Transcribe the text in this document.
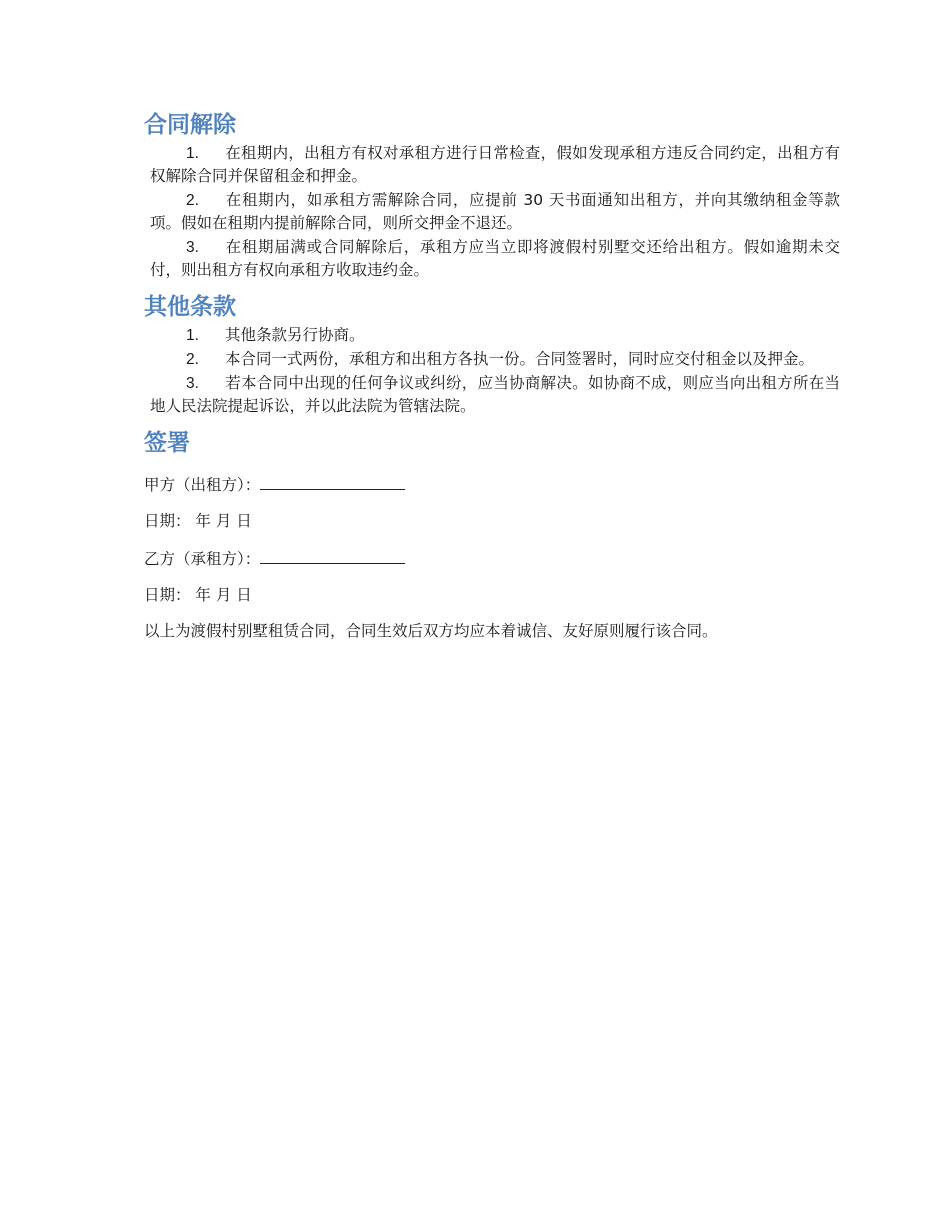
合同解除

1. 在租期内，出租方有权对承租方进行日常检查，假如发现承租方违反合同约定，出租方有权解除合同并保留租金和押金。

2. 在租期内，如承租方需解除合同，应提前 30 天书面通知出租方，并向其缴纳租金等款项。假如在租期内提前解除合同，则所交押金不退还。

3. 在租期届满或合同解除后，承租方应当立即将渡假村别墅交还给出租方。假如逾期未交付，则出租方有权向承租方收取违约金。

其他条款

1. 其他条款另行协商。

2. 本合同一式两份，承租方和出租方各执一份。合同签署时，同时应交付租金以及押金。

3. 若本合同中出现的任何争议或纠纷，应当协商解决。如协商不成，则应当向出租方所在当地人民法院提起诉讼，并以此法院为管辖法院。

签署
甲方（出租方）：
日期： 年 月 日
乙方（承租方）：
日期： 年 月 日
以上为渡假村别墅租赁合同，合同生效后双方均应本着诚信、友好原则履行该合同。
